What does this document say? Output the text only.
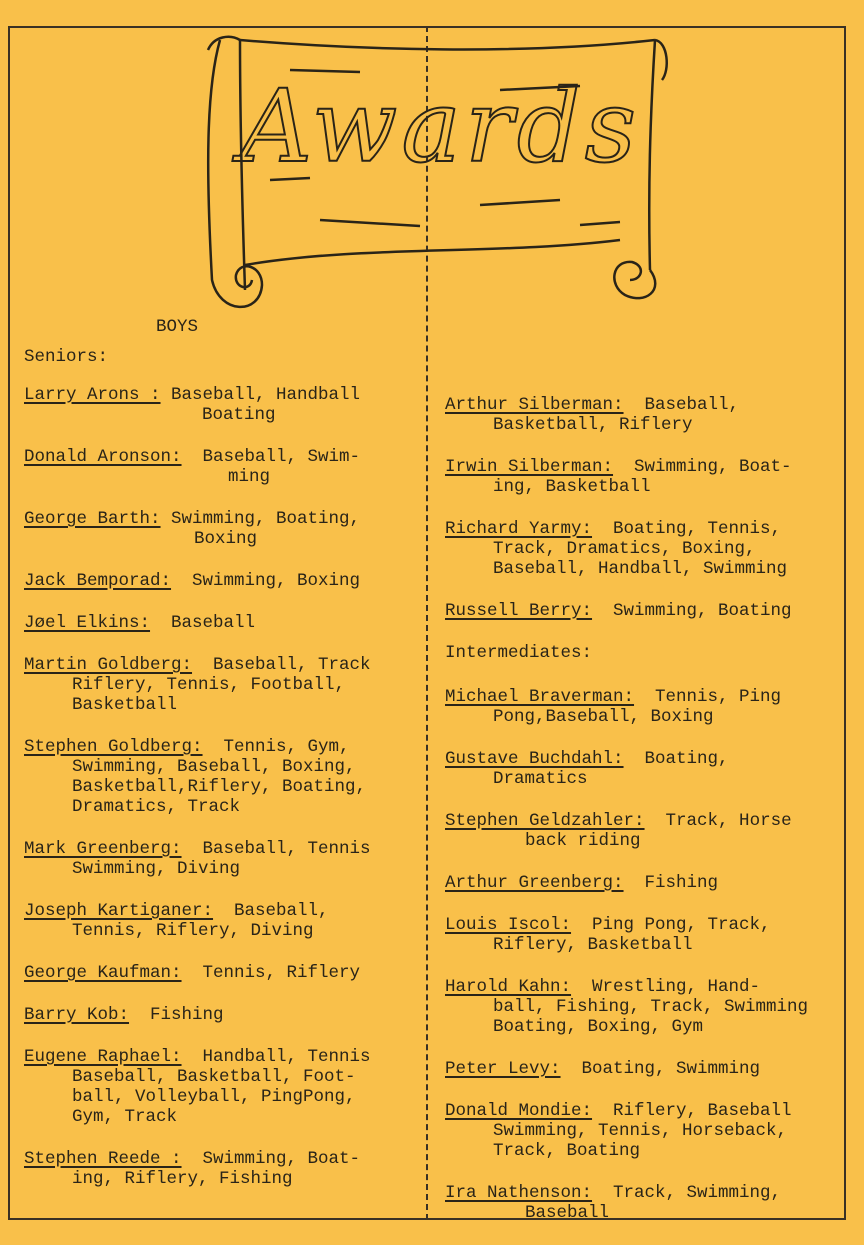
Awards
BOYS
Seniors:
Larry Arons : Baseball, Handball
Boating
Donald Aronson:  Baseball, Swim-
ming
George Barth: Swimming, Boating,
Boxing
Jack Bemporad:  Swimming, Boxing
Jøel Elkins:  Baseball
Martin Goldberg:  Baseball, Track
Riflery, Tennis, Football,
Basketball
Stephen Goldberg:  Tennis, Gym,
Swimming, Baseball, Boxing,
Basketball,Riflery, Boating,
Dramatics, Track
Mark Greenberg:  Baseball, Tennis
Swimming, Diving
Joseph Kartiganer:  Baseball,
Tennis, Riflery, Diving
George Kaufman:  Tennis, Riflery
Barry Kob:  Fishing
Eugene Raphael:  Handball, Tennis
Baseball, Basketball, Foot-
ball, Volleyball, PingPong,
Gym, Track
Stephen Reede :  Swimming, Boat-
ing, Riflery, Fishing
Arthur Silberman:  Baseball,
Basketball, Riflery
Irwin Silberman:  Swimming, Boat-
ing, Basketball
Richard Yarmy:  Boating, Tennis,
Track, Dramatics, Boxing,
Baseball, Handball, Swimming
Russell Berry:  Swimming, Boating
Intermediates:
Michael Braverman:  Tennis, Ping
Pong,Baseball, Boxing
Gustave Buchdahl:  Boating,
Dramatics
Stephen Geldzahler:  Track, Horse
back riding
Arthur Greenberg:  Fishing
Louis Iscol:  Ping Pong, Track,
Riflery, Basketball
Harold Kahn:  Wrestling, Hand-
ball, Fishing, Track, Swimming
Boating, Boxing, Gym
Peter Levy:  Boating, Swimming
Donald Mondie:  Riflery, Baseball
Swimming, Tennis, Horseback,
Track, Boating
Ira Nathenson:  Track, Swimming,
Baseball
